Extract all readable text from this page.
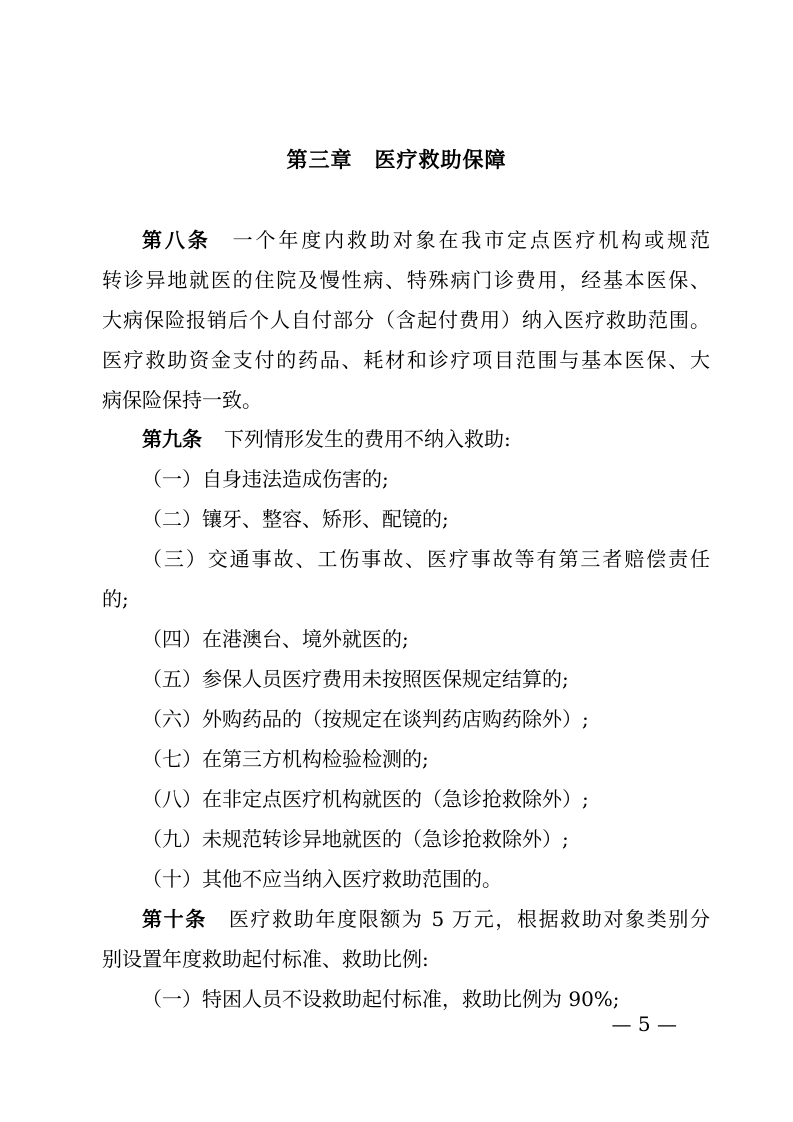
第三章　医疗救助保障
第八条 一个年度内救助对象在我市定点医疗机构或规范
转诊异地就医的住院及慢性病、特殊病门诊费用，经基本医保、
大病保险报销后个人自付部分（含起付费用）纳入医疗救助范围。
医疗救助资金支付的药品、耗材和诊疗项目范围与基本医保、大
病保险保持一致。
第九条 下列情形发生的费用不纳入救助:
（一）自身违法造成伤害的;
（二）镶牙、整容、矫形、配镜的;
（三）交通事故、工伤事故、医疗事故等有第三者赔偿责任
的;
（四）在港澳台、境外就医的;
（五）参保人员医疗费用未按照医保规定结算的;
（六）外购药品的（按规定在谈判药店购药除外）;
（七）在第三方机构检验检测的;
（八）在非定点医疗机构就医的（急诊抢救除外）;
（九）未规范转诊异地就医的（急诊抢救除外）;
（十）其他不应当纳入医疗救助范围的。
第十条 医疗救助年度限额为 5 万元，根据救助对象类别分
别设置年度救助起付标准、救助比例:
（一）特困人员不设救助起付标准，救助比例为 90%;
— 5 —
